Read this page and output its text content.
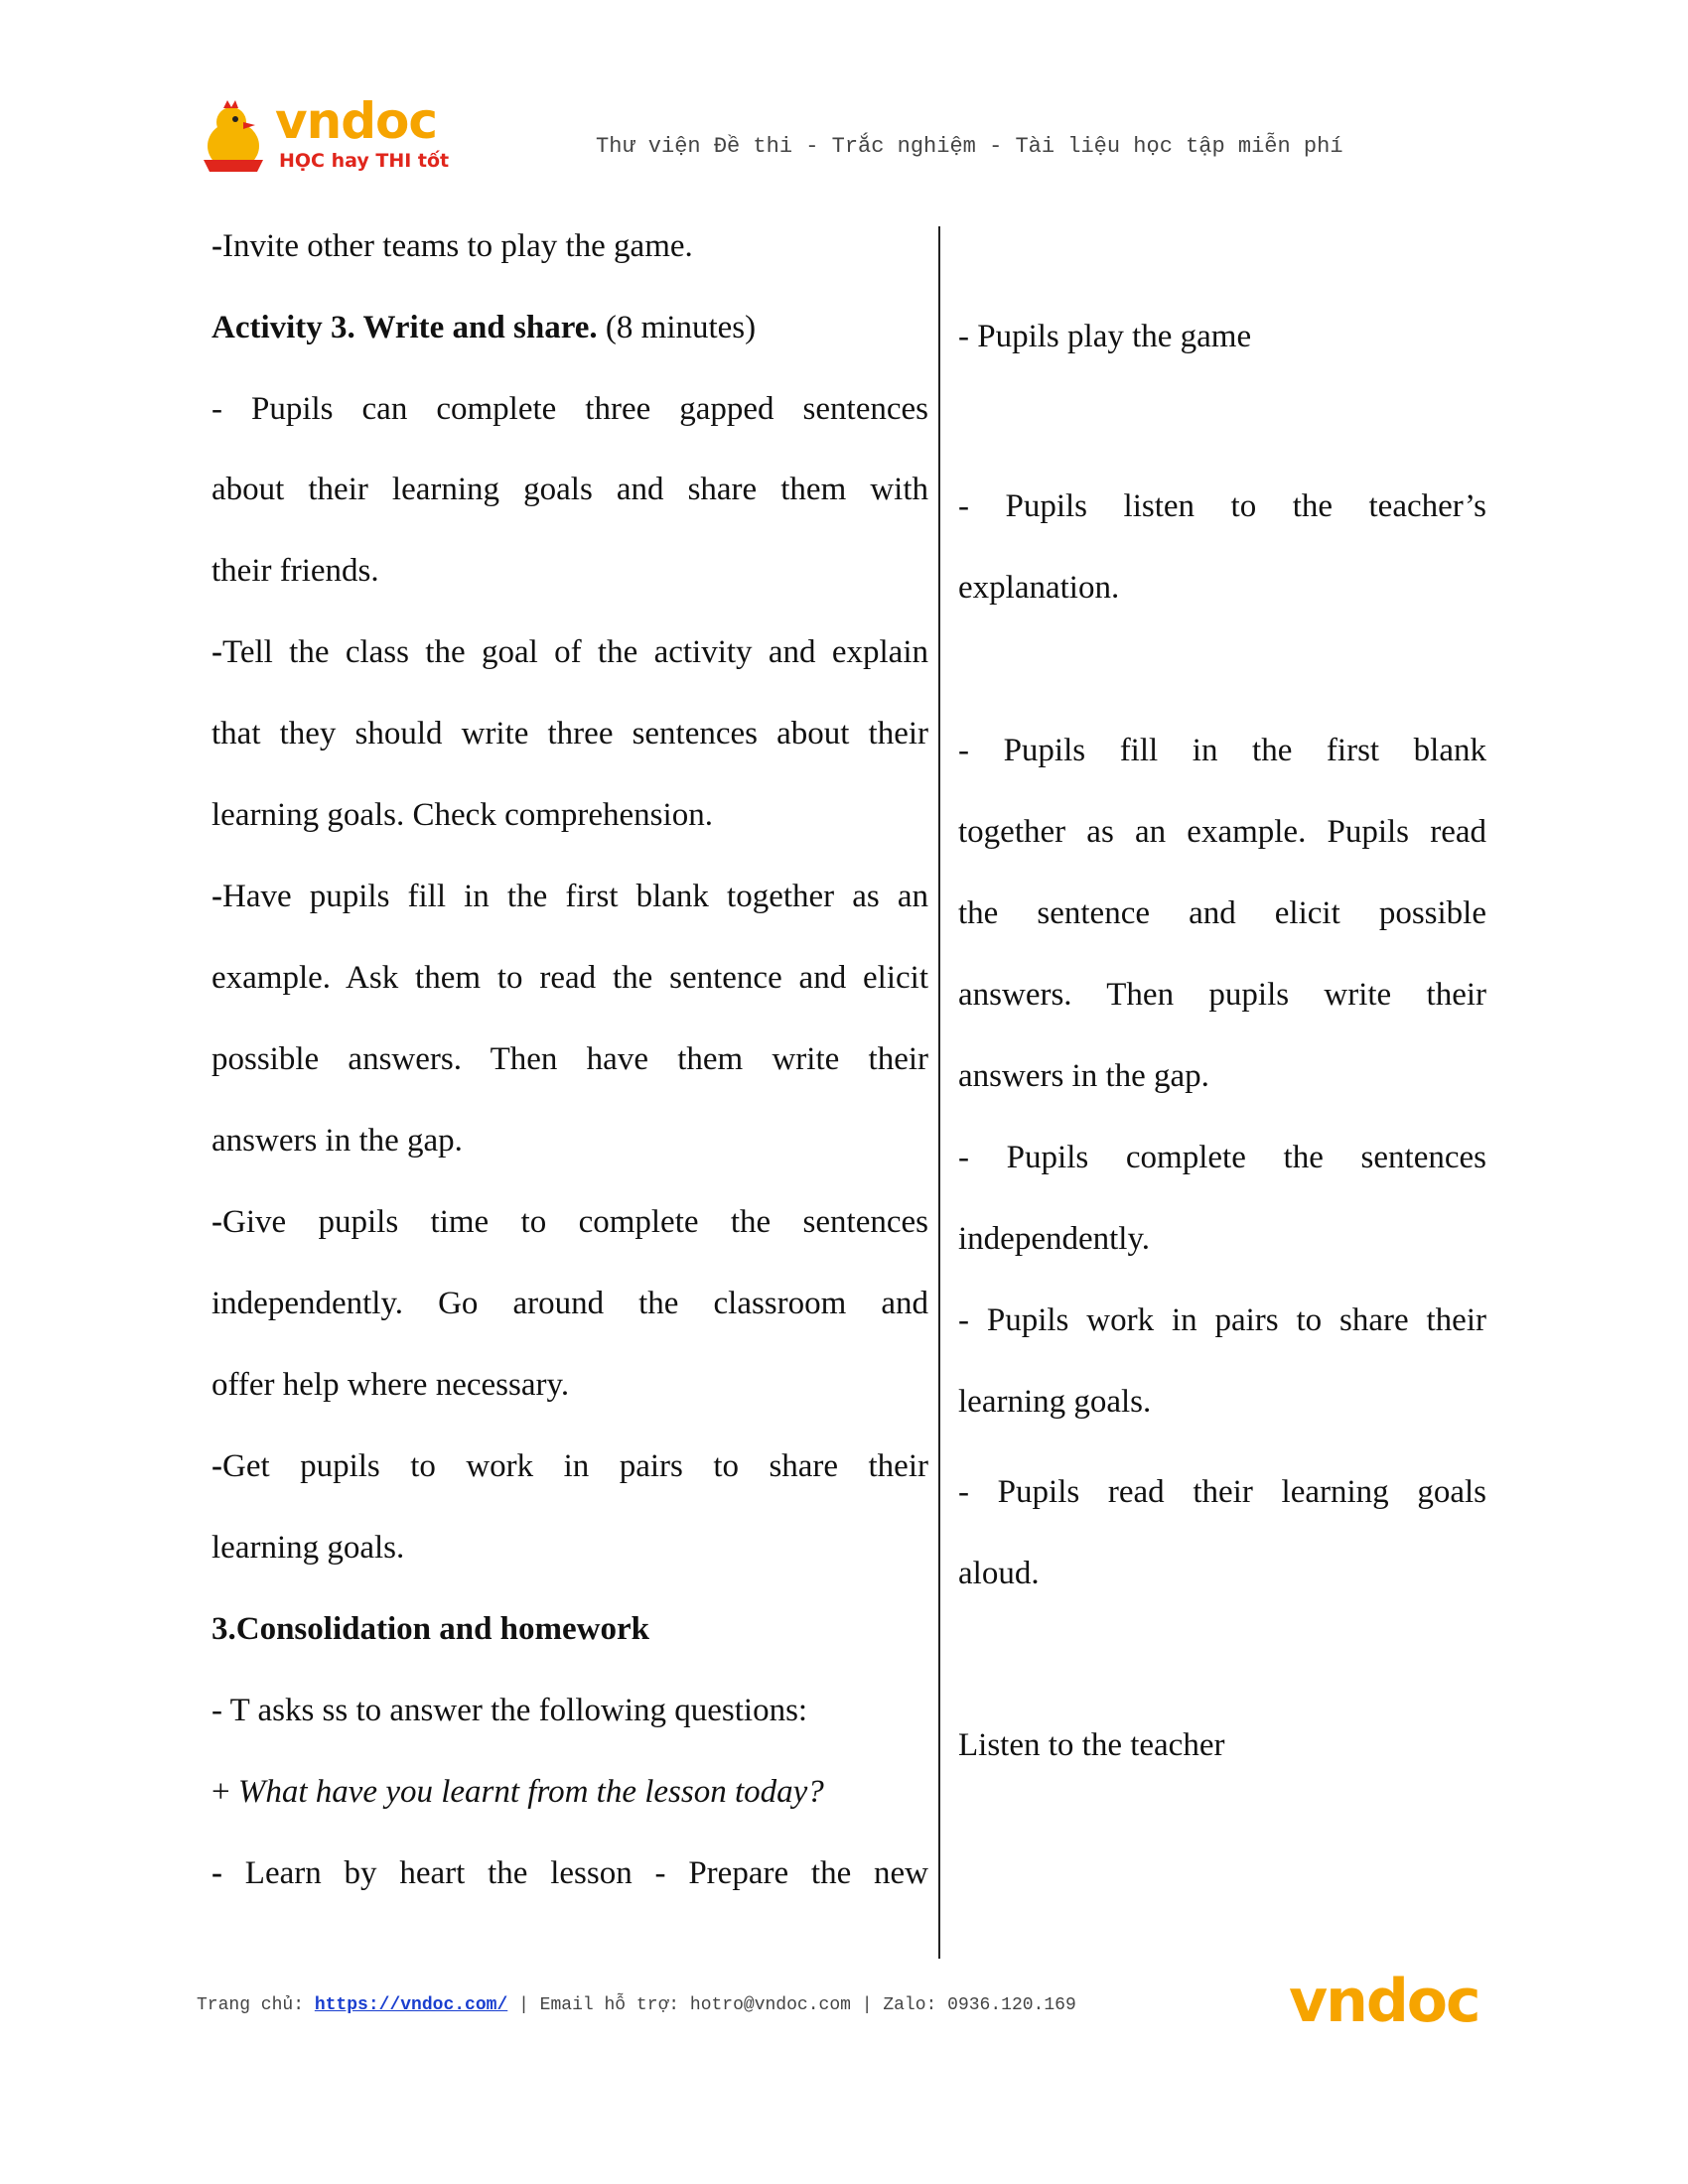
vndoc
HỌC hay THI tốt
Thư viện Đề thi - Trắc nghiệm - Tài liệu học tập miễn phí
-Invite other teams to play the game.
Activity 3. Write and share. (8 minutes)
- Pupils can complete three gapped sentences
about their learning goals and share them with
their friends.
-Tell the class the goal of the activity and explain
that they should write three sentences about their
learning goals. Check comprehension.
-Have pupils fill in the first blank together as an
example. Ask them to read the sentence and elicit
possible answers. Then have them write their
answers in the gap.
-Give pupils time to complete the sentences
independently. Go around the classroom and
offer help where necessary.
-Get pupils to work in pairs to share their
learning goals.
3.Consolidation and homework
- T asks ss to answer the following questions:
+ What have you learnt from the lesson today?
- Learn by heart the lesson - Prepare the new
- Pupils play the game
- Pupils listen to the teacher’s
explanation.
- Pupils fill in the first blank
together as an example. Pupils read
the sentence and elicit possible
answers. Then pupils write their
answers in the gap.
- Pupils complete the sentences
independently.
- Pupils work in pairs to share their
learning goals.
- Pupils read their learning goals
aloud.
Listen to the teacher
Trang chủ: https://vndoc.com/ | Email hỗ trợ: hotro@vndoc.com | Zalo: 0936.120.169	vndoc
